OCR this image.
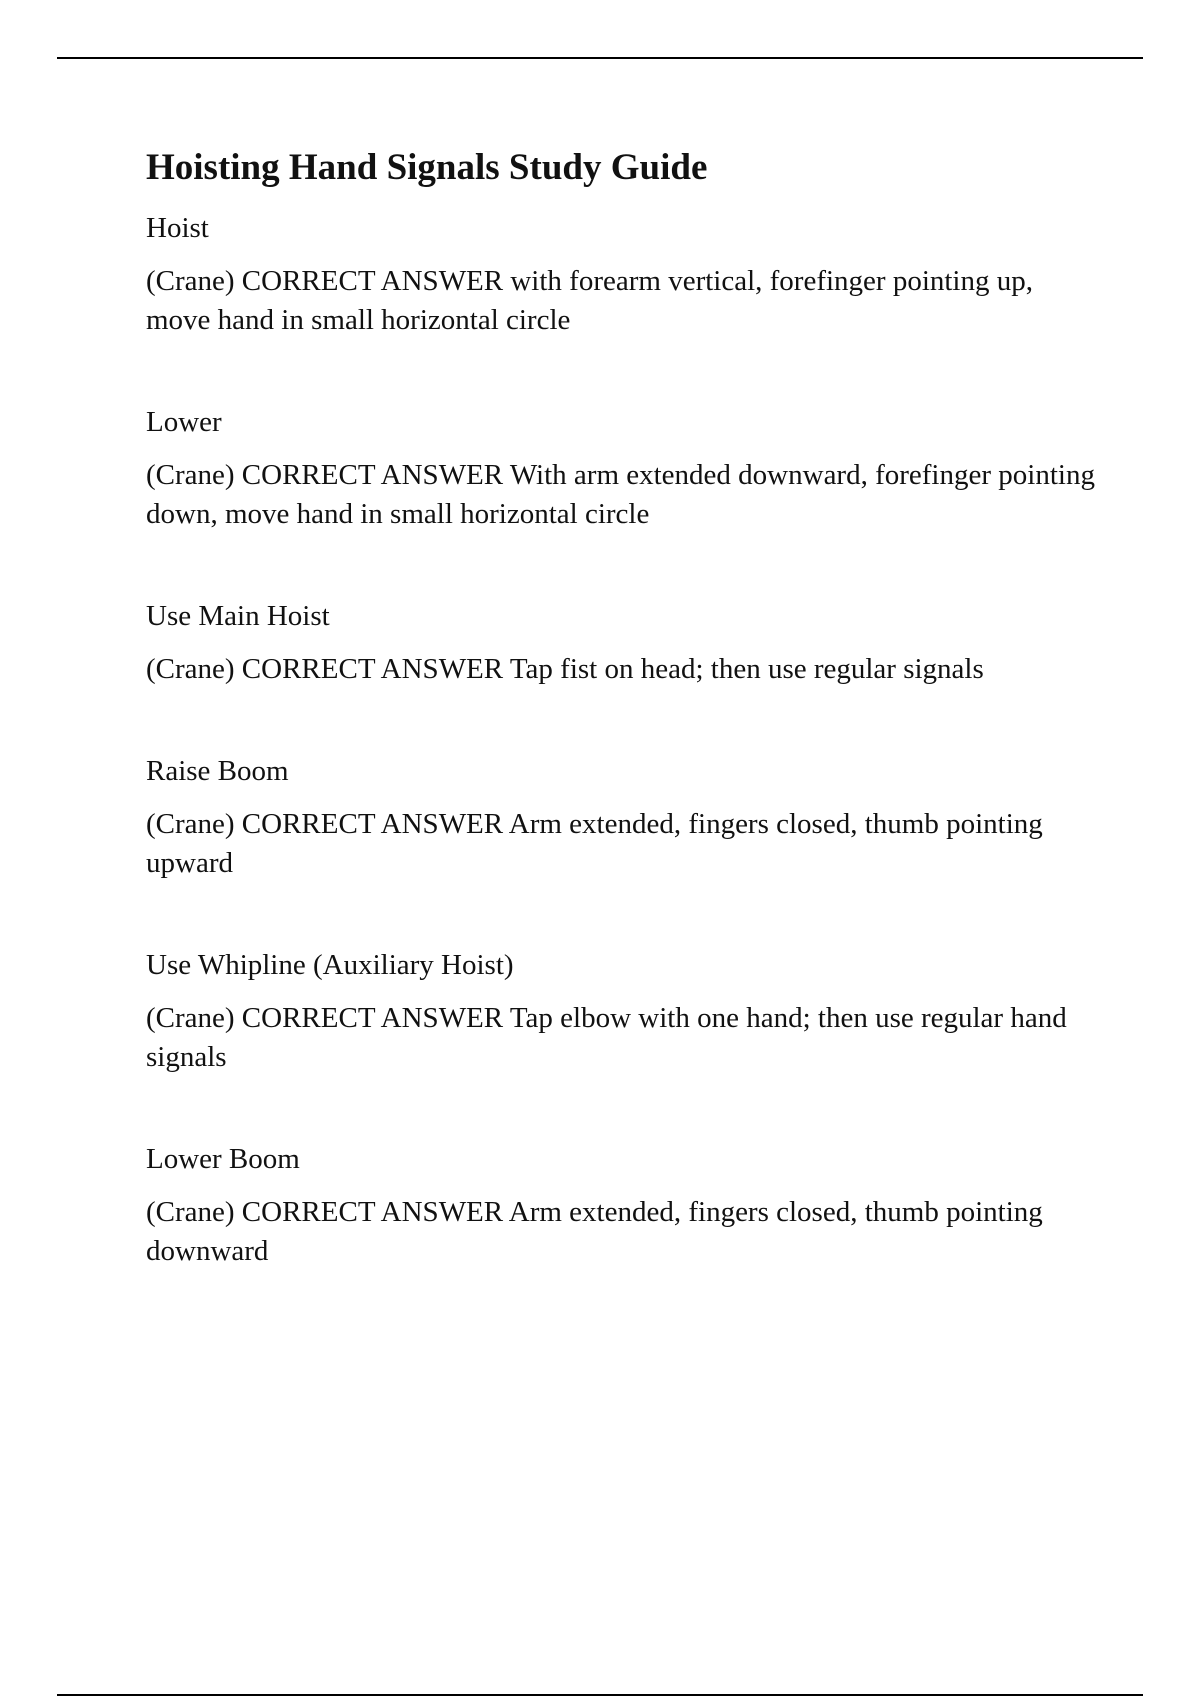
Hoisting Hand Signals Study Guide

Hoist

(Crane) CORRECT ANSWER with forearm vertical, forefinger pointing up, move hand in small horizontal circle

Lower

(Crane) CORRECT ANSWER With arm extended downward, forefinger pointing down, move hand in small horizontal circle

Use Main Hoist

(Crane) CORRECT ANSWER Tap fist on head; then use regular signals

Raise Boom

(Crane) CORRECT ANSWER Arm extended, fingers closed, thumb pointing upward

Use Whipline (Auxiliary Hoist)

(Crane) CORRECT ANSWER Tap elbow with one hand; then use regular hand signals

Lower Boom

(Crane) CORRECT ANSWER Arm extended, fingers closed, thumb pointing downward
